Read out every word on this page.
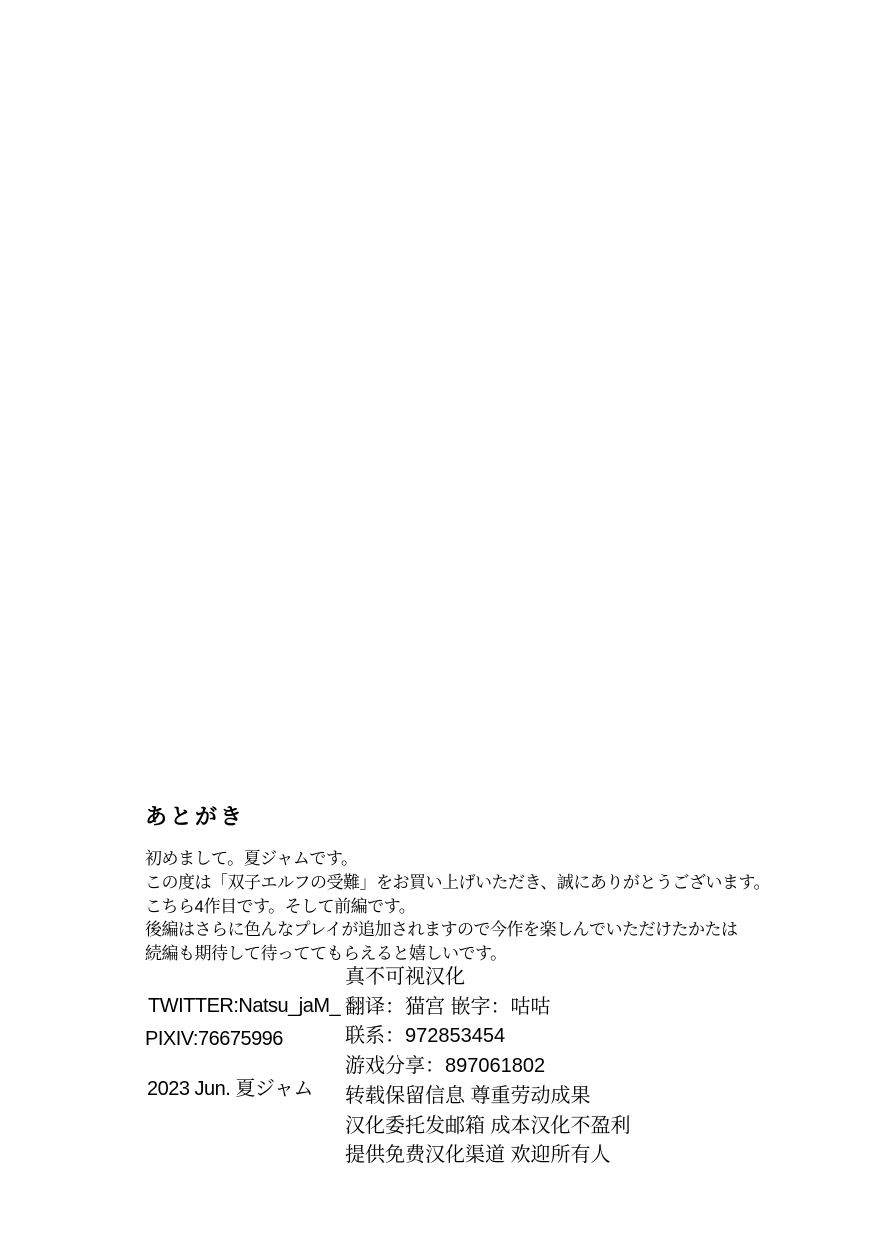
あとがき
初めまして。夏ジャムです。
この度は「双子エルフの受難」をお買い上げいただき、誠にありがとうございます。
こちら4作目です。そして前編です。
後編はさらに色んなプレイが追加されますので今作を楽しんでいただけたかたは
続編も期待して待っててもらえると嬉しいです。
TWITTER:Natsu_jaM_
PIXIV:76675996
2023 Jun. 夏ジャム
真不可视汉化
翻译：猫宫 嵌字：咕咕
联系：972853454
游戏分享：897061802
转载保留信息 尊重劳动成果
汉化委托发邮箱 成本汉化不盈利
提供免费汉化渠道 欢迎所有人
